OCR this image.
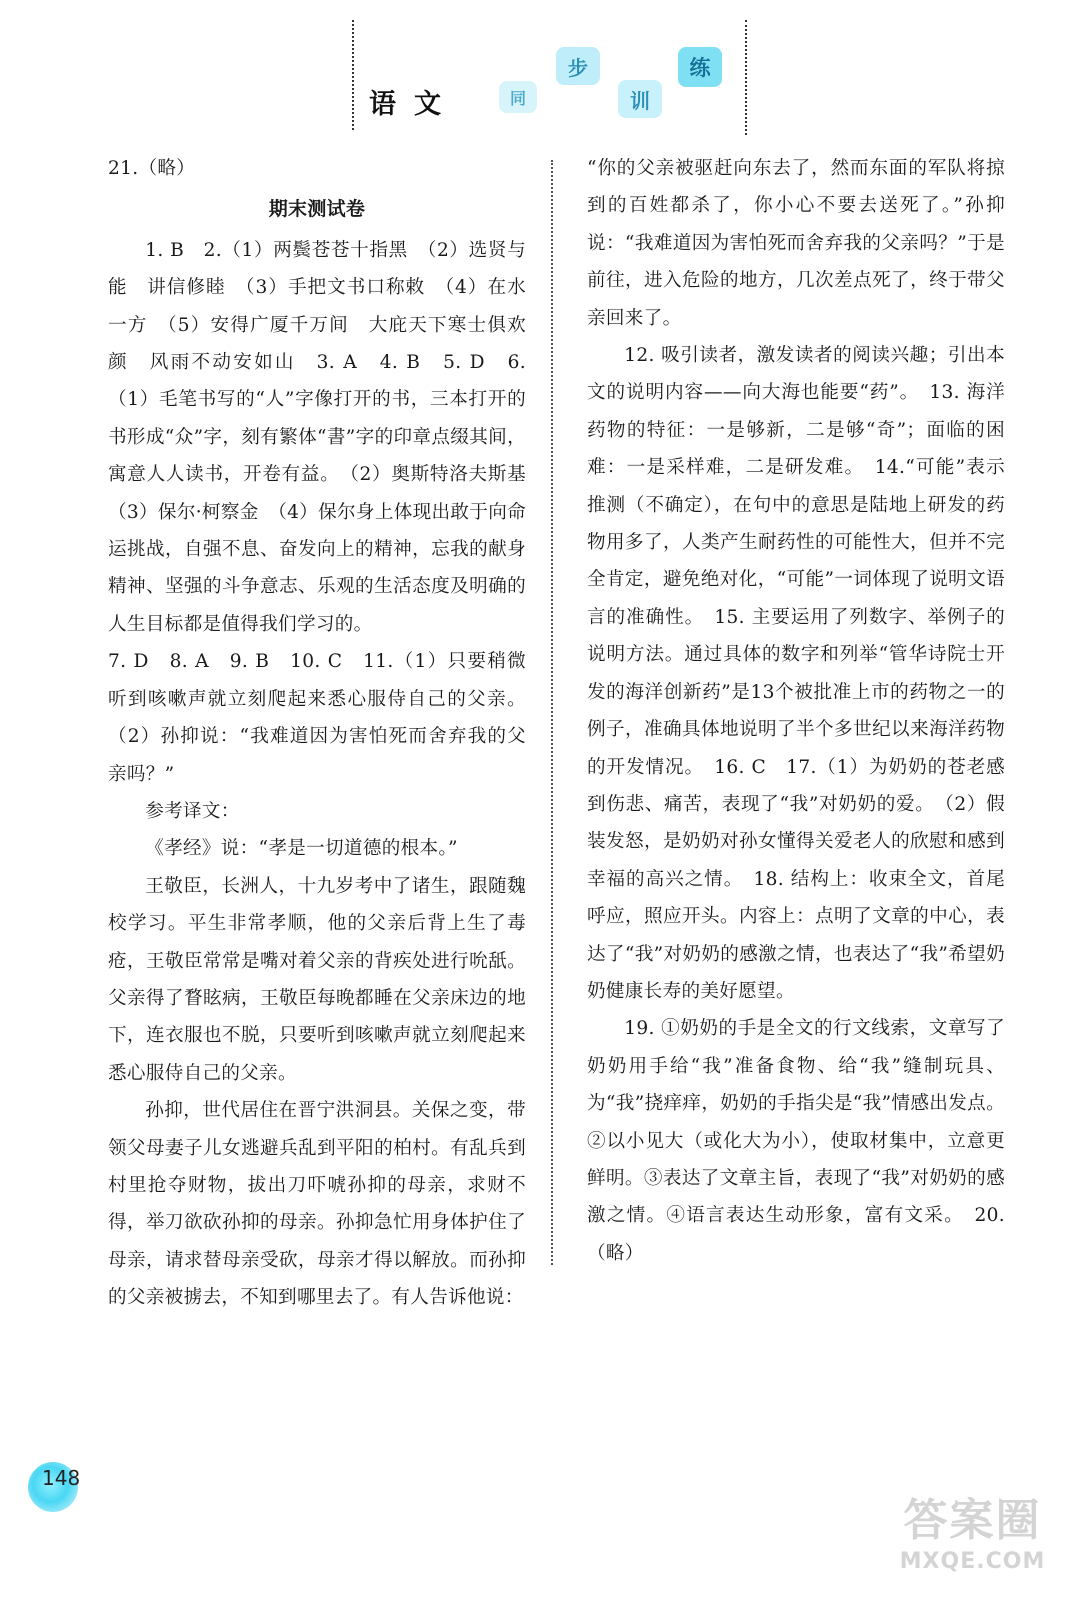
语 文	同
步
训
练

21.（略）

期末测试卷

1. B　2.（1）两鬓苍苍十指黑　（2）选贤与能　讲信修睦　（3）手把文书口称敕　（4）在水一方　（5）安得广厦千万间　大庇天下寒士俱欢颜　风雨不动安如山　3. A　4. B　5. D　6.（1）毛笔书写的“人”字像打开的书，三本打开的书形成“众”字，刻有繁体“書”字的印章点缀其间，寓意人人读书，开卷有益。　（2）奥斯特洛夫斯基　（3）保尔·柯察金　（4）保尔身上体现出敢于向命运挑战，自强不息、奋发向上的精神，忘我的献身精神、坚强的斗争意志、乐观的生活态度及明确的人生目标都是值得我们学习的。

7. D　8. A　9. B　10. C　11.（1）只要稍微听到咳嗽声就立刻爬起来悉心服侍自己的父亲。（2）孙抑说：“我难道因为害怕死而舍弃我的父亲吗？”

参考译文：

《孝经》说：“孝是一切道德的根本。”

王敬臣，长洲人，十九岁考中了诸生，跟随魏校学习。平生非常孝顺，他的父亲后背上生了毒疮，王敬臣常常是嘴对着父亲的背疾处进行吮舐。父亲得了瞀眩病，王敬臣每晚都睡在父亲床边的地下，连衣服也不脱，只要听到咳嗽声就立刻爬起来悉心服侍自己的父亲。

孙抑，世代居住在晋宁洪洞县。关保之变，带领父母妻子儿女逃避兵乱到平阳的柏村。有乱兵到村里抢夺财物，拔出刀吓唬孙抑的母亲，求财不得，举刀欲砍孙抑的母亲。孙抑急忙用身体护住了母亲，请求替母亲受砍，母亲才得以解放。而孙抑的父亲被掳去，不知到哪里去了。有人告诉他说：

“你的父亲被驱赶向东去了，然而东面的军队将掠到的百姓都杀了，你小心不要去送死了。”孙抑说：“我难道因为害怕死而舍弃我的父亲吗？”于是前往，进入危险的地方，几次差点死了，终于带父亲回来了。

12. 吸引读者，激发读者的阅读兴趣；引出本文的说明内容——向大海也能要“药”。　13. 海洋药物的特征：一是够新，二是够“奇”；面临的困难：一是采样难，二是研发难。　14.“可能”表示推测（不确定），在句中的意思是陆地上研发的药物用多了，人类产生耐药性的可能性大，但并不完全肯定，避免绝对化，“可能”一词体现了说明文语言的准确性。　15. 主要运用了列数字、举例子的说明方法。通过具体的数字和列举“管华诗院士开发的海洋创新药”是13个被批准上市的药物之一的例子，准确具体地说明了半个多世纪以来海洋药物的开发情况。　16. C　17.（1）为奶奶的苍老感到伤悲、痛苦，表现了“我”对奶奶的爱。　（2）假装发怒，是奶奶对孙女懂得关爱老人的欣慰和感到幸福的高兴之情。　18. 结构上：收束全文，首尾呼应，照应开头。内容上：点明了文章的中心，表达了“我”对奶奶的感激之情，也表达了“我”希望奶奶健康长寿的美好愿望。

19. ①奶奶的手是全文的行文线索，文章写了奶奶用手给“我”准备食物、给“我”缝制玩具、为“我”挠痒痒，奶奶的手指尖是“我”情感出发点。②以小见大（或化大为小），使取材集中，立意更鲜明。③表达了文章主旨，表现了“我”对奶奶的感激之情。④语言表达生动形象，富有文采。　20.（略）

148
答案圈
MXQE.COM
